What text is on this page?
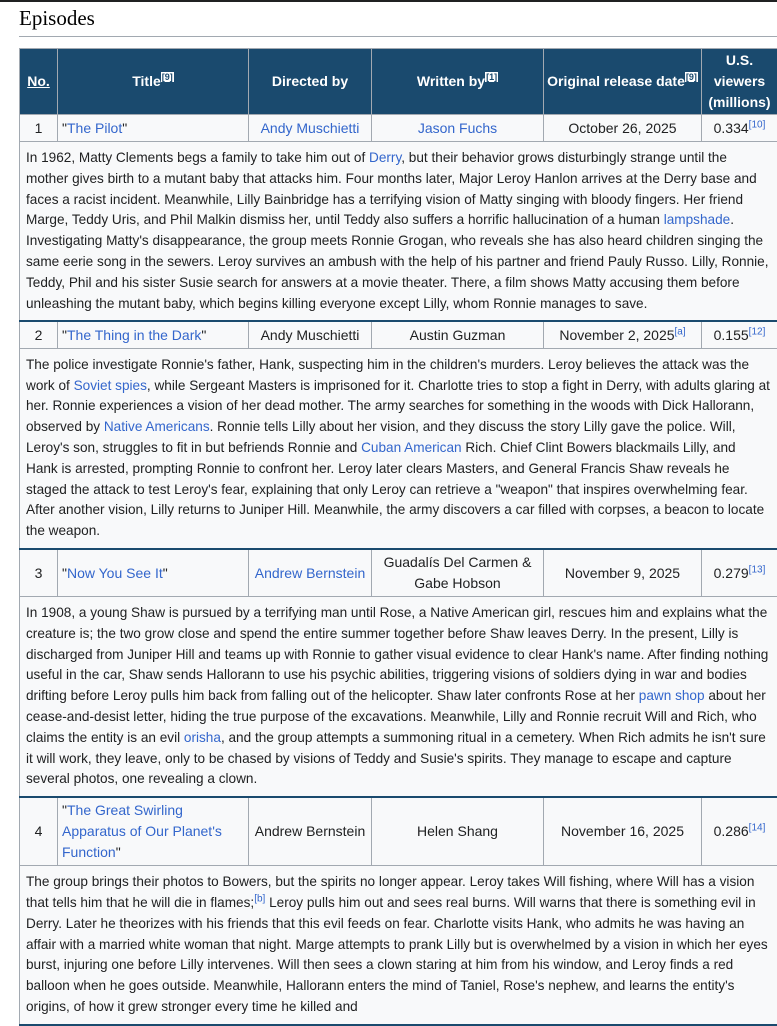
Episodes
No.	Title[9]	Directed by	Written by[1]	Original release date[9]	U.S. viewers (millions)
1	"The Pilot"	Andy Muschietti	Jason Fuchs	October 26, 2025	0.334[10]
In 1962, Matty Clements begs a family to take him out of Derry, but their behavior grows disturbingly strange until the mother gives birth to a mutant baby that attacks him. Four months later, Major Leroy Hanlon arrives at the Derry base and faces a racist incident. Meanwhile, Lilly Bainbridge has a terrifying vision of Matty singing with bloody fingers. Her friend Marge, Teddy Uris, and Phil Malkin dismiss her, until Teddy also suffers a horrific hallucination of a human lampshade. Investigating Matty's disappearance, the group meets Ronnie Grogan, who reveals she has also heard children singing the same eerie song in the sewers. Leroy survives an ambush with the help of his partner and friend Pauly Russo. Lilly, Ronnie, Teddy, Phil and his sister Susie search for answers at a movie theater. There, a film shows Matty accusing them before unleashing the mutant baby, which begins killing everyone except Lilly, whom Ronnie manages to save.					
2	"The Thing in the Dark"	Andy Muschietti	Austin Guzman	November 2, 2025[a]	0.155[12]
The police investigate Ronnie's father, Hank, suspecting him in the children's murders. Leroy believes the attack was the work of Soviet spies, while Sergeant Masters is imprisoned for it. Charlotte tries to stop a fight in Derry, with adults glaring at her. Ronnie experiences a vision of her dead mother. The army searches for something in the woods with Dick Hallorann, observed by Native Americans. Ronnie tells Lilly about her vision, and they discuss the story Lilly gave the police. Will, Leroy's son, struggles to fit in but befriends Ronnie and Cuban American Rich. Chief Clint Bowers blackmails Lilly, and Hank is arrested, prompting Ronnie to confront her. Leroy later clears Masters, and General Francis Shaw reveals he staged the attack to test Leroy's fear, explaining that only Leroy can retrieve a "weapon" that inspires overwhelming fear. After another vision, Lilly returns to Juniper Hill. Meanwhile, the army discovers a car filled with corpses, a beacon to locate the weapon.					
3	"Now You See It"	Andrew Bernstein	Guadalís Del Carmen & Gabe Hobson	November 9, 2025	0.279[13]
In 1908, a young Shaw is pursued by a terrifying man until Rose, a Native American girl, rescues him and explains what the creature is; the two grow close and spend the entire summer together before Shaw leaves Derry. In the present, Lilly is discharged from Juniper Hill and teams up with Ronnie to gather visual evidence to clear Hank's name. After finding nothing useful in the car, Shaw sends Hallorann to use his psychic abilities, triggering visions of soldiers dying in war and bodies drifting before Leroy pulls him back from falling out of the helicopter. Shaw later confronts Rose at her pawn shop about her cease-and-desist letter, hiding the true purpose of the excavations. Meanwhile, Lilly and Ronnie recruit Will and Rich, who claims the entity is an evil orisha, and the group attempts a summoning ritual in a cemetery. When Rich admits he isn't sure it will work, they leave, only to be chased by visions of Teddy and Susie's spirits. They manage to escape and capture several photos, one revealing a clown.					
4	"The Great Swirling Apparatus of Our Planet's Function"	Andrew Bernstein	Helen Shang	November 16, 2025	0.286[14]
The group brings their photos to Bowers, but the spirits no longer appear. Leroy takes Will fishing, where Will has a vision that tells him that he will die in flames;[b] Leroy pulls him out and sees real burns. Will warns that there is something evil in Derry. Later he theorizes with his friends that this evil feeds on fear. Charlotte visits Hank, who admits he was having an affair with a married white woman that night. Marge attempts to prank Lilly but is overwhelmed by a vision in which her eyes burst, injuring one before Lilly intervenes. Will then sees a clown staring at him from his window, and Leroy finds a red balloon when he goes outside. Meanwhile, Hallorann enters the mind of Taniel, Rose's nephew, and learns the entity's origins, of how it grew stronger every time he killed and					
